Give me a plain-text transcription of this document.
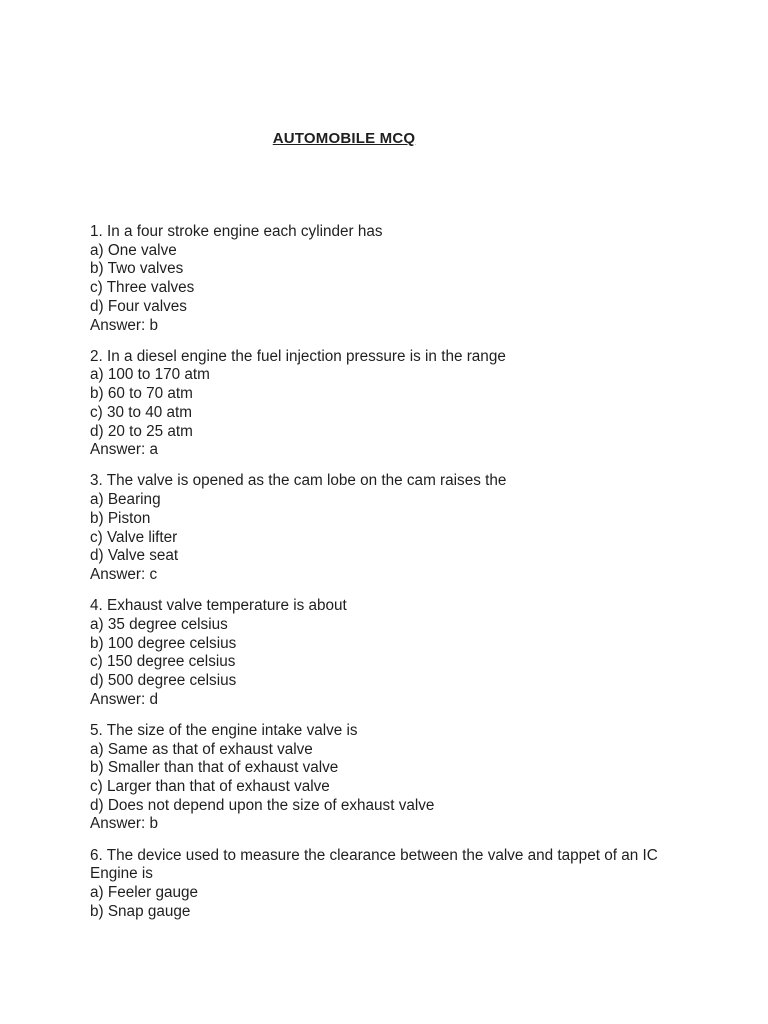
AUTOMOBILE MCQ
1. In a four stroke engine each cylinder has
a) One valve
b) Two valves
c) Three valves
d) Four valves
Answer: b
2. In a diesel engine the fuel injection pressure is in the range
a) 100 to 170 atm
b) 60 to 70 atm
c) 30 to 40 atm
d) 20 to 25 atm
Answer: a
3. The valve is opened as the cam lobe on the cam raises the
a) Bearing
b) Piston
c) Valve lifter
d) Valve seat
Answer: c
4. Exhaust valve temperature is about
a) 35 degree celsius
b) 100 degree celsius
c) 150 degree celsius
d) 500 degree celsius
Answer: d
5. The size of the engine intake valve is
a) Same as that of exhaust valve
b) Smaller than that of exhaust valve
c) Larger than that of exhaust valve
d) Does not depend upon the size of exhaust valve
Answer: b
6. The device used to measure the clearance between the valve and tappet of an IC Engine is
a) Feeler gauge
b) Snap gauge
